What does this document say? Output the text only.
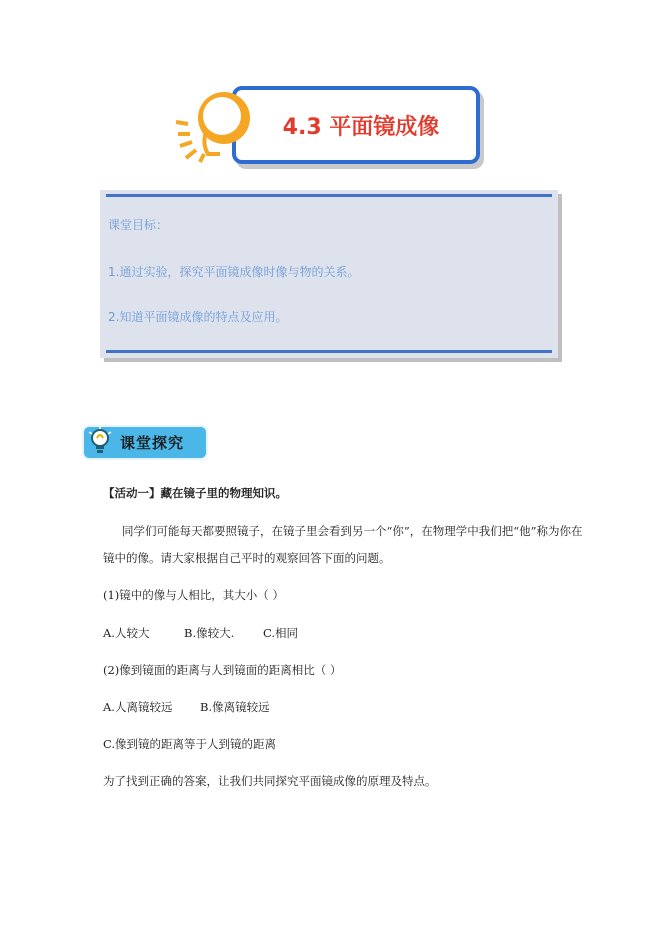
4.3 平面镜成像
课堂目标：
1.通过实验，探究平面镜成像时像与物的关系。
2.知道平面镜成像的特点及应用。
课堂探究
【活动一】藏在镜子里的物理知识。
同学们可能每天都要照镜子，在镜子里会看到另一个“你”，在物理学中我们把“他”称为你在
镜中的像。请大家根据自己平时的观察回答下面的问题。
(1)镜中的像与人相比，其大小（ ）
A.人较大	B.像较大. C.相同
(2)像到镜面的距离与人到镜面的距离相比（ ）
A.人离镜较远 B.像离镜较远
C.像到镜的距离等于人到镜的距离
为了找到正确的答案，让我们共同探究平面镜成像的原理及特点。
